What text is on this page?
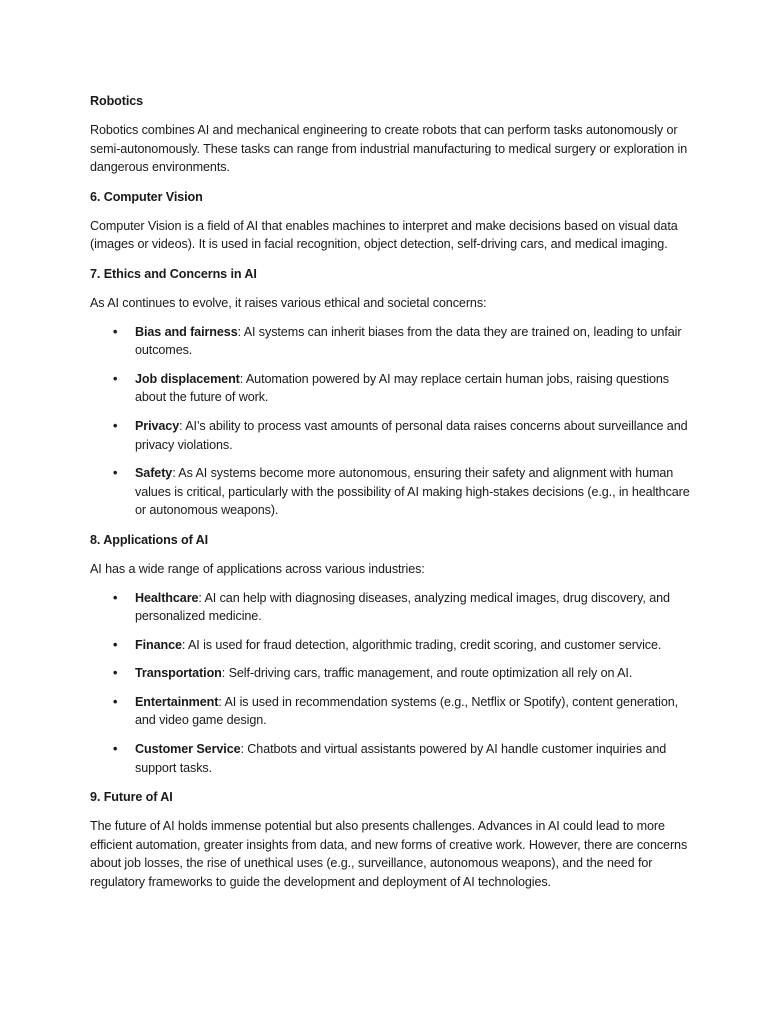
Robotics
Robotics combines AI and mechanical engineering to create robots that can perform tasks autonomously or semi-autonomously. These tasks can range from industrial manufacturing to medical surgery or exploration in dangerous environments.
6. Computer Vision
Computer Vision is a field of AI that enables machines to interpret and make decisions based on visual data (images or videos). It is used in facial recognition, object detection, self-driving cars, and medical imaging.
7. Ethics and Concerns in AI
As AI continues to evolve, it raises various ethical and societal concerns:
• Bias and fairness: AI systems can inherit biases from the data they are trained on, leading to unfair outcomes.
• Job displacement: Automation powered by AI may replace certain human jobs, raising questions about the future of work.
• Privacy: AI’s ability to process vast amounts of personal data raises concerns about surveillance and privacy violations.
• Safety: As AI systems become more autonomous, ensuring their safety and alignment with human values is critical, particularly with the possibility of AI making high-stakes decisions (e.g., in healthcare or autonomous weapons).
8. Applications of AI
AI has a wide range of applications across various industries:
• Healthcare: AI can help with diagnosing diseases, analyzing medical images, drug discovery, and personalized medicine.
• Finance: AI is used for fraud detection, algorithmic trading, credit scoring, and customer service.
• Transportation: Self-driving cars, traffic management, and route optimization all rely on AI.
• Entertainment: AI is used in recommendation systems (e.g., Netflix or Spotify), content generation, and video game design.
• Customer Service: Chatbots and virtual assistants powered by AI handle customer inquiries and support tasks.
9. Future of AI
The future of AI holds immense potential but also presents challenges. Advances in AI could lead to more efficient automation, greater insights from data, and new forms of creative work. However, there are concerns about job losses, the rise of unethical uses (e.g., surveillance, autonomous weapons), and the need for regulatory frameworks to guide the development and deployment of AI technologies.
